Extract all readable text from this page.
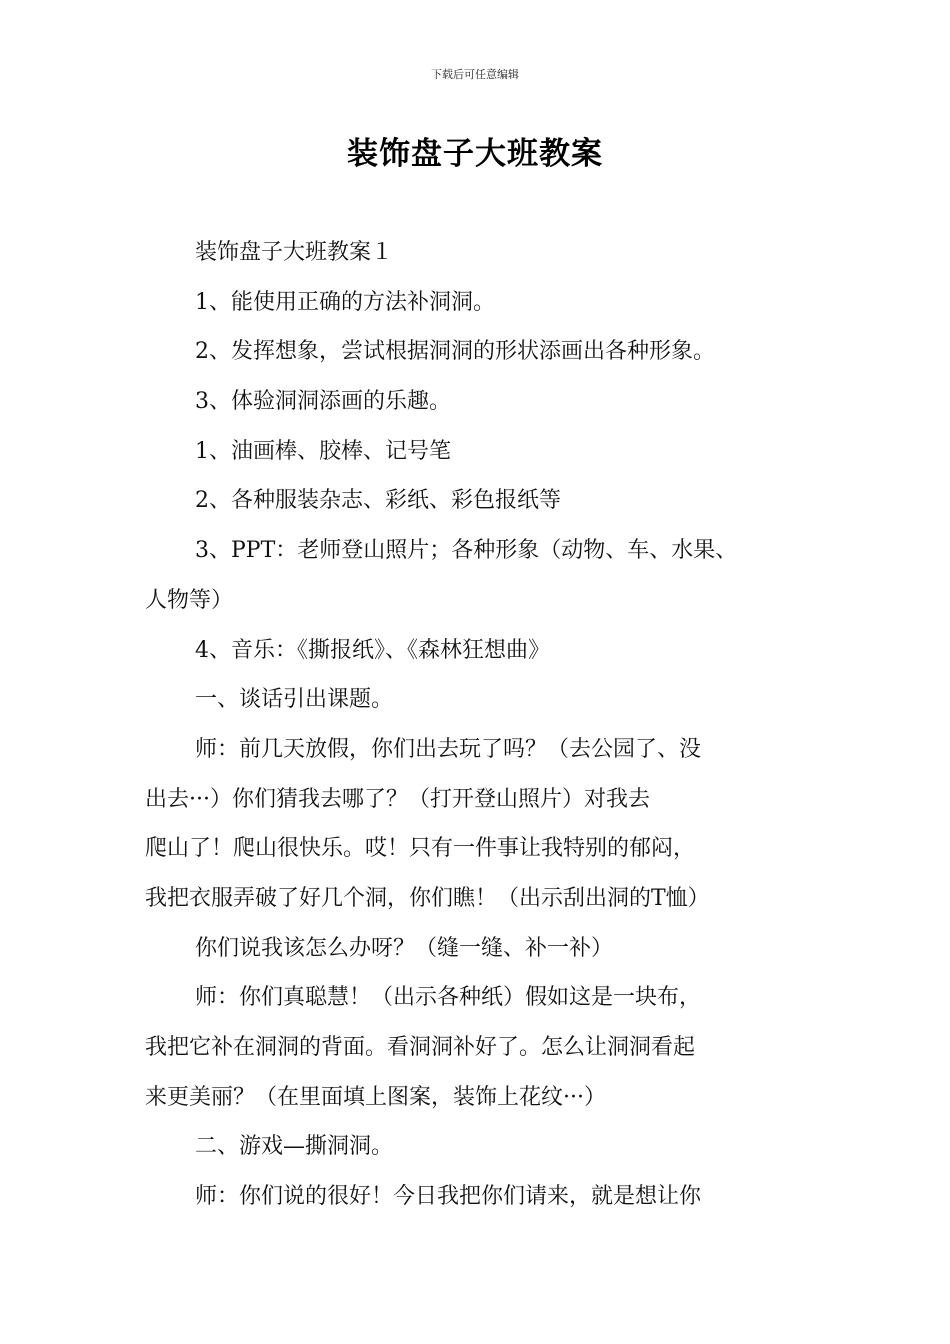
下载后可任意编辑
装饰盘子大班教案
装饰盘子大班教案１
1、能使用正确的方法补洞洞。
2、发挥想象，尝试根据洞洞的形状添画出各种形象。
3、体验洞洞添画的乐趣。
1、油画棒、胶棒、记号笔
2、各种服装杂志、彩纸、彩色报纸等
3、PPT：老师登山照片；各种形象（动物、车、水果、
人物等）
4、音乐：《撕报纸》、《森林狂想曲》
一、谈话引出课题。
师：前几天放假，你们出去玩了吗？（去公园了、没
出去···）你们猜我去哪了？（打开登山照片）对我去
爬山了！爬山很快乐。哎！只有一件事让我特别的郁闷，
我把衣服弄破了好几个洞，你们瞧！（出示刮出洞的T恤）
你们说我该怎么办呀？（缝一缝、补一补）
师：你们真聪慧！（出示各种纸）假如这是一块布，
我把它补在洞洞的背面。看洞洞补好了。怎么让洞洞看起
来更美丽？（在里面填上图案，装饰上花纹···）
二、游戏—撕洞洞。
师：你们说的很好！今日我把你们请来，就是想让你
